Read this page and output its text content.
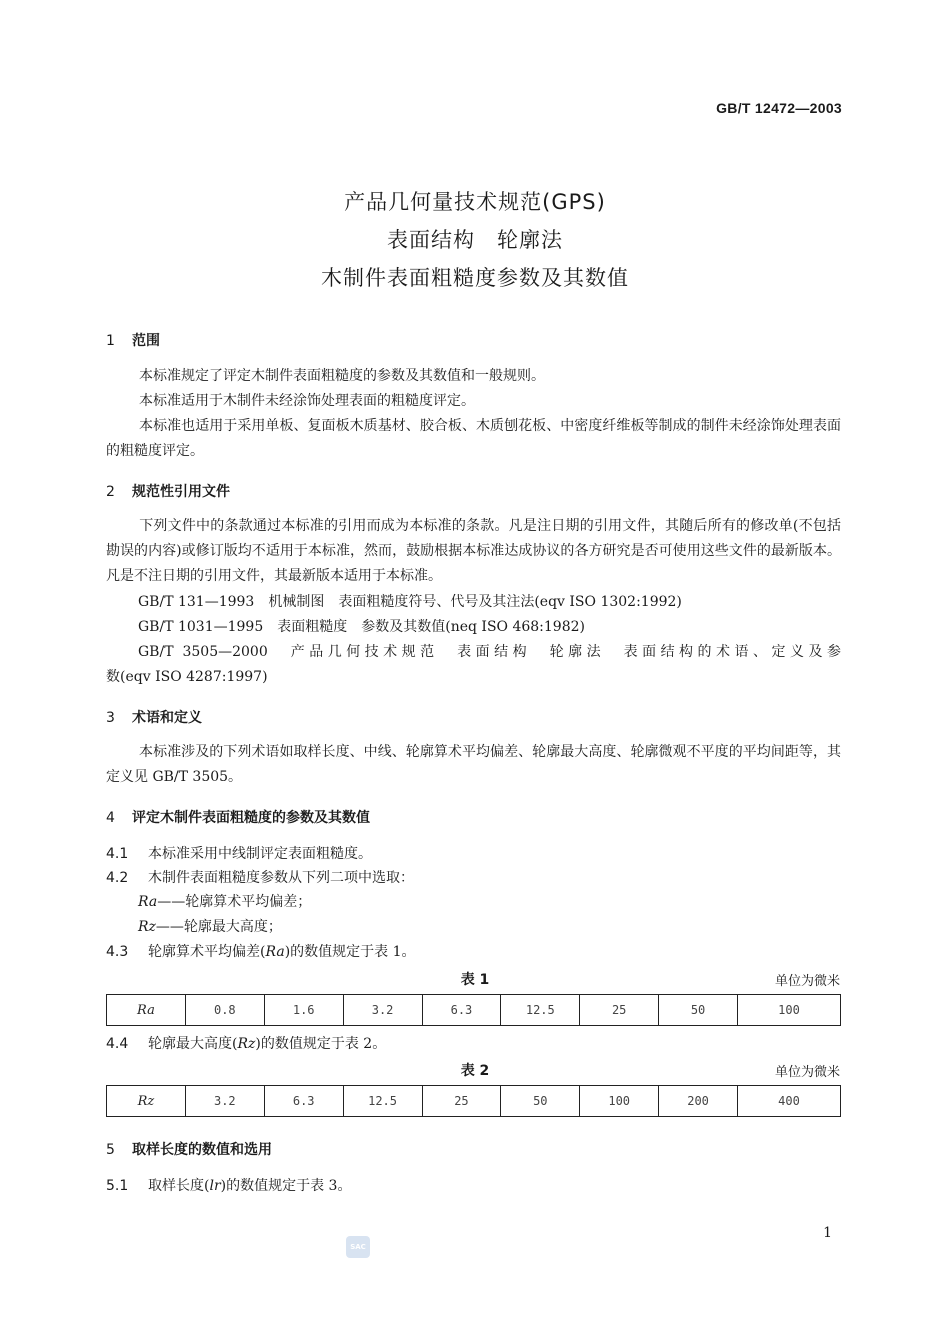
GB/T 12472—2003
产品几何量技术规范(GPS)
表面结构　轮廓法
木制件表面粗糙度参数及其数值
1 范围
本标准规定了评定木制件表面粗糙度的参数及其数值和一般规则。
本标准适用于木制件未经涂饰处理表面的粗糙度评定。
本标准也适用于采用单板、复面板木质基材、胶合板、木质刨花板、中密度纤维板等制成的制件未经涂饰处理表面的粗糙度评定。
2 规范性引用文件
下列文件中的条款通过本标准的引用而成为本标准的条款。凡是注日期的引用文件，其随后所有的修改单(不包括勘误的内容)或修订版均不适用于本标准，然而，鼓励根据本标准达成协议的各方研究是否可使用这些文件的最新版本。凡是不注日期的引用文件，其最新版本适用于本标准。
GB/T 131—1993　机械制图　表面粗糙度符号、代号及其注法(eqv ISO 1302:1992)
GB/T 1031—1995　表面粗糙度　参数及其数值(neq ISO 468:1982)
GB/T 3505—2000　产品几何技术规范　表面结构　轮廓法　表面结构的术语、定义及参
数(eqv ISO 4287:1997)
3 术语和定义
本标准涉及的下列术语如取样长度、中线、轮廓算术平均偏差、轮廓最大高度、轮廓微观不平度的平均间距等，其定义见 GB/T 3505。
4 评定木制件表面粗糙度的参数及其数值
4.1 本标准采用中线制评定表面粗糙度。
4.2 木制件表面粗糙度参数从下列二项中选取：
Ra——轮廓算术平均偏差；
Rz——轮廓最大高度；
4.3 轮廓算术平均偏差(Ra)的数值规定于表 1。
表 1	单位为微米
Ra	0.8	1.6	3.2	6.3	12.5	25	50	100
4.4 轮廓最大高度(Rz)的数值规定于表 2。
表 2	单位为微米
Rz	3.2	6.3	12.5	25	50	100	200	400
5 取样长度的数值和选用
5.1 取样长度(lr)的数值规定于表 3。
1
SAC
